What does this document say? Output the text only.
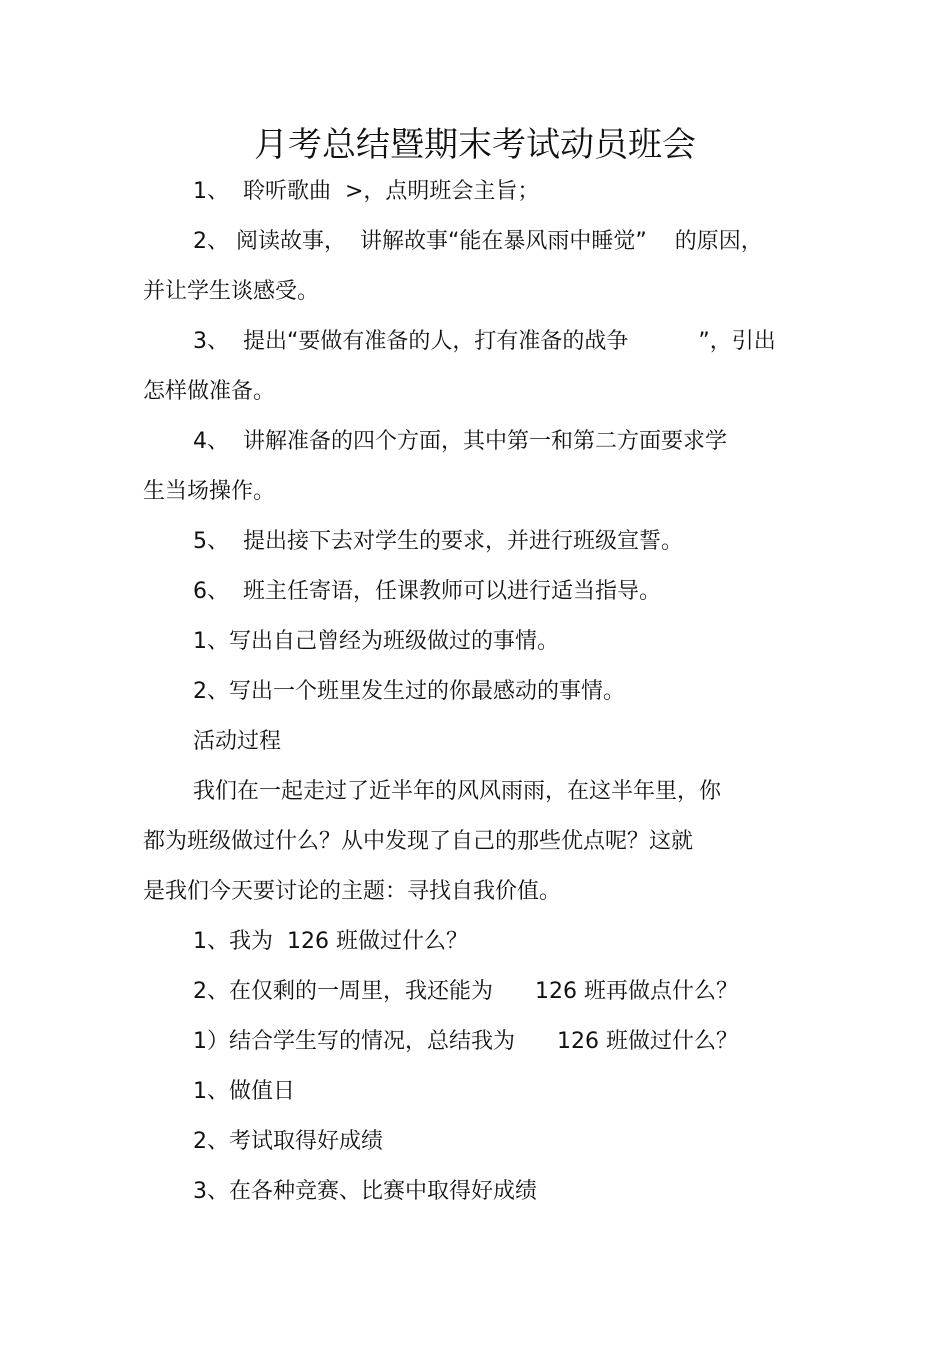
月考总结暨期末考试动员班会
1、  聆听歌曲  >，点明班会主旨；
2、 阅读故事，  讲解故事“能在暴风雨中睡觉”    的原因，
并让学生谈感受。
3、  提出“要做有准备的人，打有准备的战争          ”，引出
怎样做准备。
4、  讲解准备的四个方面，其中第一和第二方面要求学
生当场操作。
5、  提出接下去对学生的要求，并进行班级宣誓。
6、  班主任寄语，任课教师可以进行适当指导。
1、写出自己曾经为班级做过的事情。
2、写出一个班里发生过的你最感动的事情。
活动过程
我们在一起走过了近半年的风风雨雨，在这半年里，你
都为班级做过什么？从中发现了自己的那些优点呢？这就
是我们今天要讨论的主题：寻找自我价值。
1、我为  126 班做过什么？
2、在仅剩的一周里，我还能为      126 班再做点什么？
1）结合学生写的情况，总结我为      126 班做过什么？
1、做值日
2、考试取得好成绩
3、在各种竞赛、比赛中取得好成绩
